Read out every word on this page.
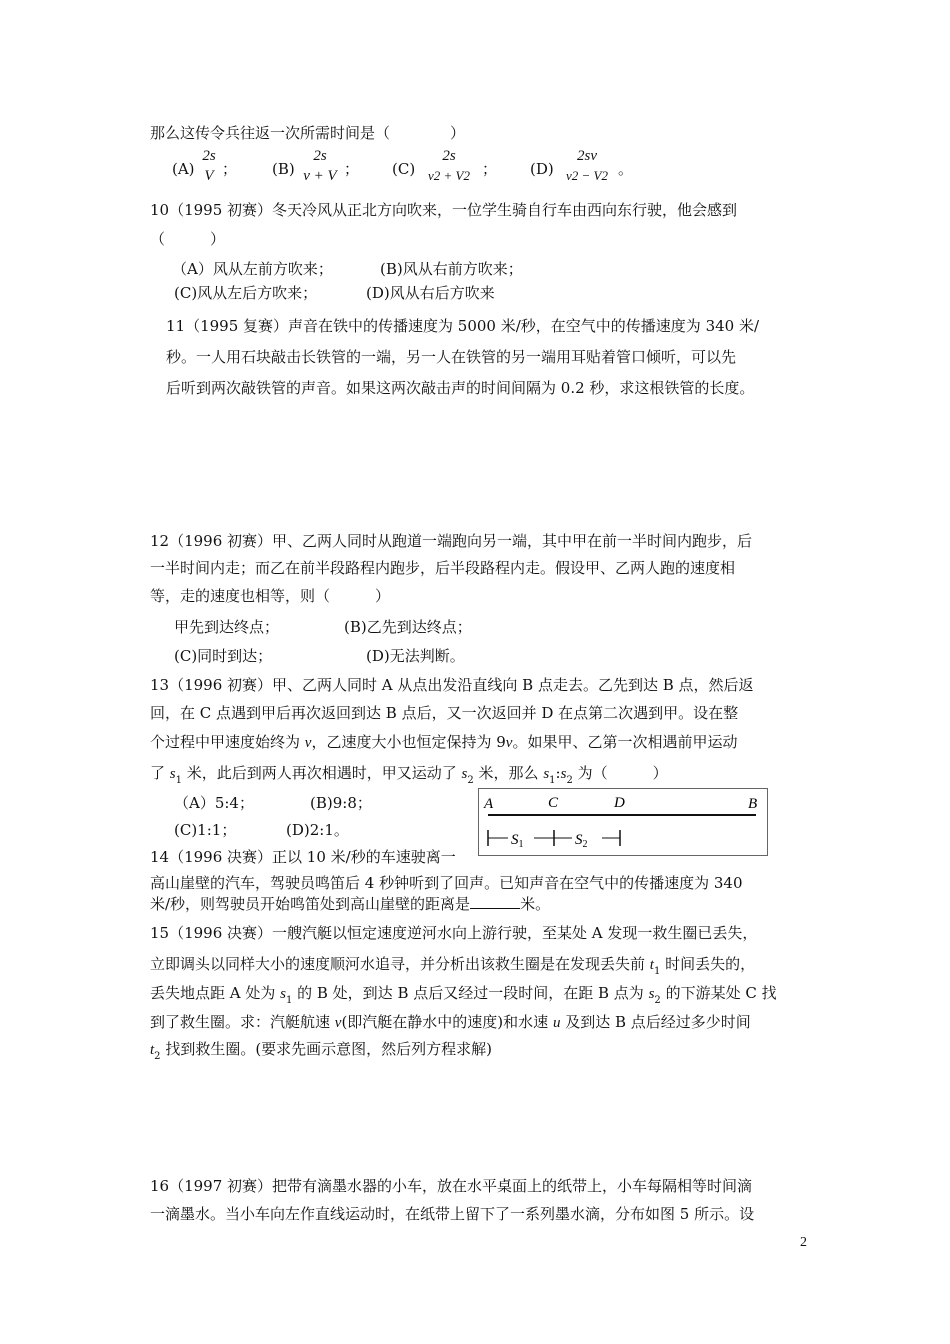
那么这传令兵往返一次所需时间是（　　　　）
(A)
2s
V ； (B)
2s
v + V ； (C)
2s
v2 + V2 ； (D)
2sv
v2 − V2 。
10（1995 初赛）冬天冷风从正北方向吹来，一位学生骑自行车由西向东行驶，他会感到
（　　　）
（A）风从左前方吹来；	(B)风从右前方吹来；
(C)风从左后方吹来；	(D)风从右后方吹来
11（1995 复赛）声音在铁中的传播速度为 5000 米/秒，在空气中的传播速度为 340 米/
秒。一人用石块敲击长铁管的一端，另一人在铁管的另一端用耳贴着管口倾听，可以先
后听到两次敲铁管的声音。如果这两次敲击声的时间间隔为 0.2 秒，求这根铁管的长度。
12（1996 初赛）甲、乙两人同时从跑道一端跑向另一端，其中甲在前一半时间内跑步，后
一半时间内走；而乙在前半段路程内跑步，后半段路程内走。假设甲、乙两人跑的速度相
等，走的速度也相等，则（　　　）
甲先到达终点；	(B)乙先到达终点；
(C)同时到达；	(D)无法判断。
13（1996 初赛）甲、乙两人同时 A 从点出发沿直线向 B 点走去。乙先到达 B 点，然后返
回，在 C 点遇到甲后再次返回到达 B 点后，又一次返回并 D 在点第二次遇到甲。设在整
个过程中甲速度始终为 v，乙速度大小也恒定保持为 9v。如果甲、乙第一次相遇前甲运动
了 $s_1$ 米，此后到两人再次相遇时，甲又运动了 $s_2$ 米，那么 $s_1:s_2$ 为（　　　）
（A）5:4；	(B)9:8；
(C)1:1；	(D)2:1。
A	C	D	B
$S_1$	$S_2$
14（1996 决赛）正以 10 米/秒的车速驶离一
高山崖壁的汽车，驾驶员鸣笛后 4 秒钟听到了回声。已知声音在空气中的传播速度为 340
米/秒，则驾驶员开始鸣笛处到高山崖壁的距离是	米。
15（1996 决赛）一艘汽艇以恒定速度逆河水向上游行驶，至某处 A 发现一救生圈已丢失，
立即调头以同样大小的速度顺河水追寻，并分析出该救生圈是在发现丢失前 $t_1$ 时间丢失的，
丢失地点距 A 处为 $s_1$ 的 B 处，到达 B 点后又经过一段时间，在距 B 点为 $s_2$ 的下游某处 C 找
到了救生圈。求：汽艇航速 v(即汽艇在静水中的速度)和水速 u 及到达 B 点后经过多少时间
$t_2$ 找到救生圈。(要求先画示意图，然后列方程求解)
16（1997 初赛）把带有滴墨水器的小车，放在水平桌面上的纸带上，小车每隔相等时间滴
一滴墨水。当小车向左作直线运动时，在纸带上留下了一系列墨水滴，分布如图 5 所示。设
2
